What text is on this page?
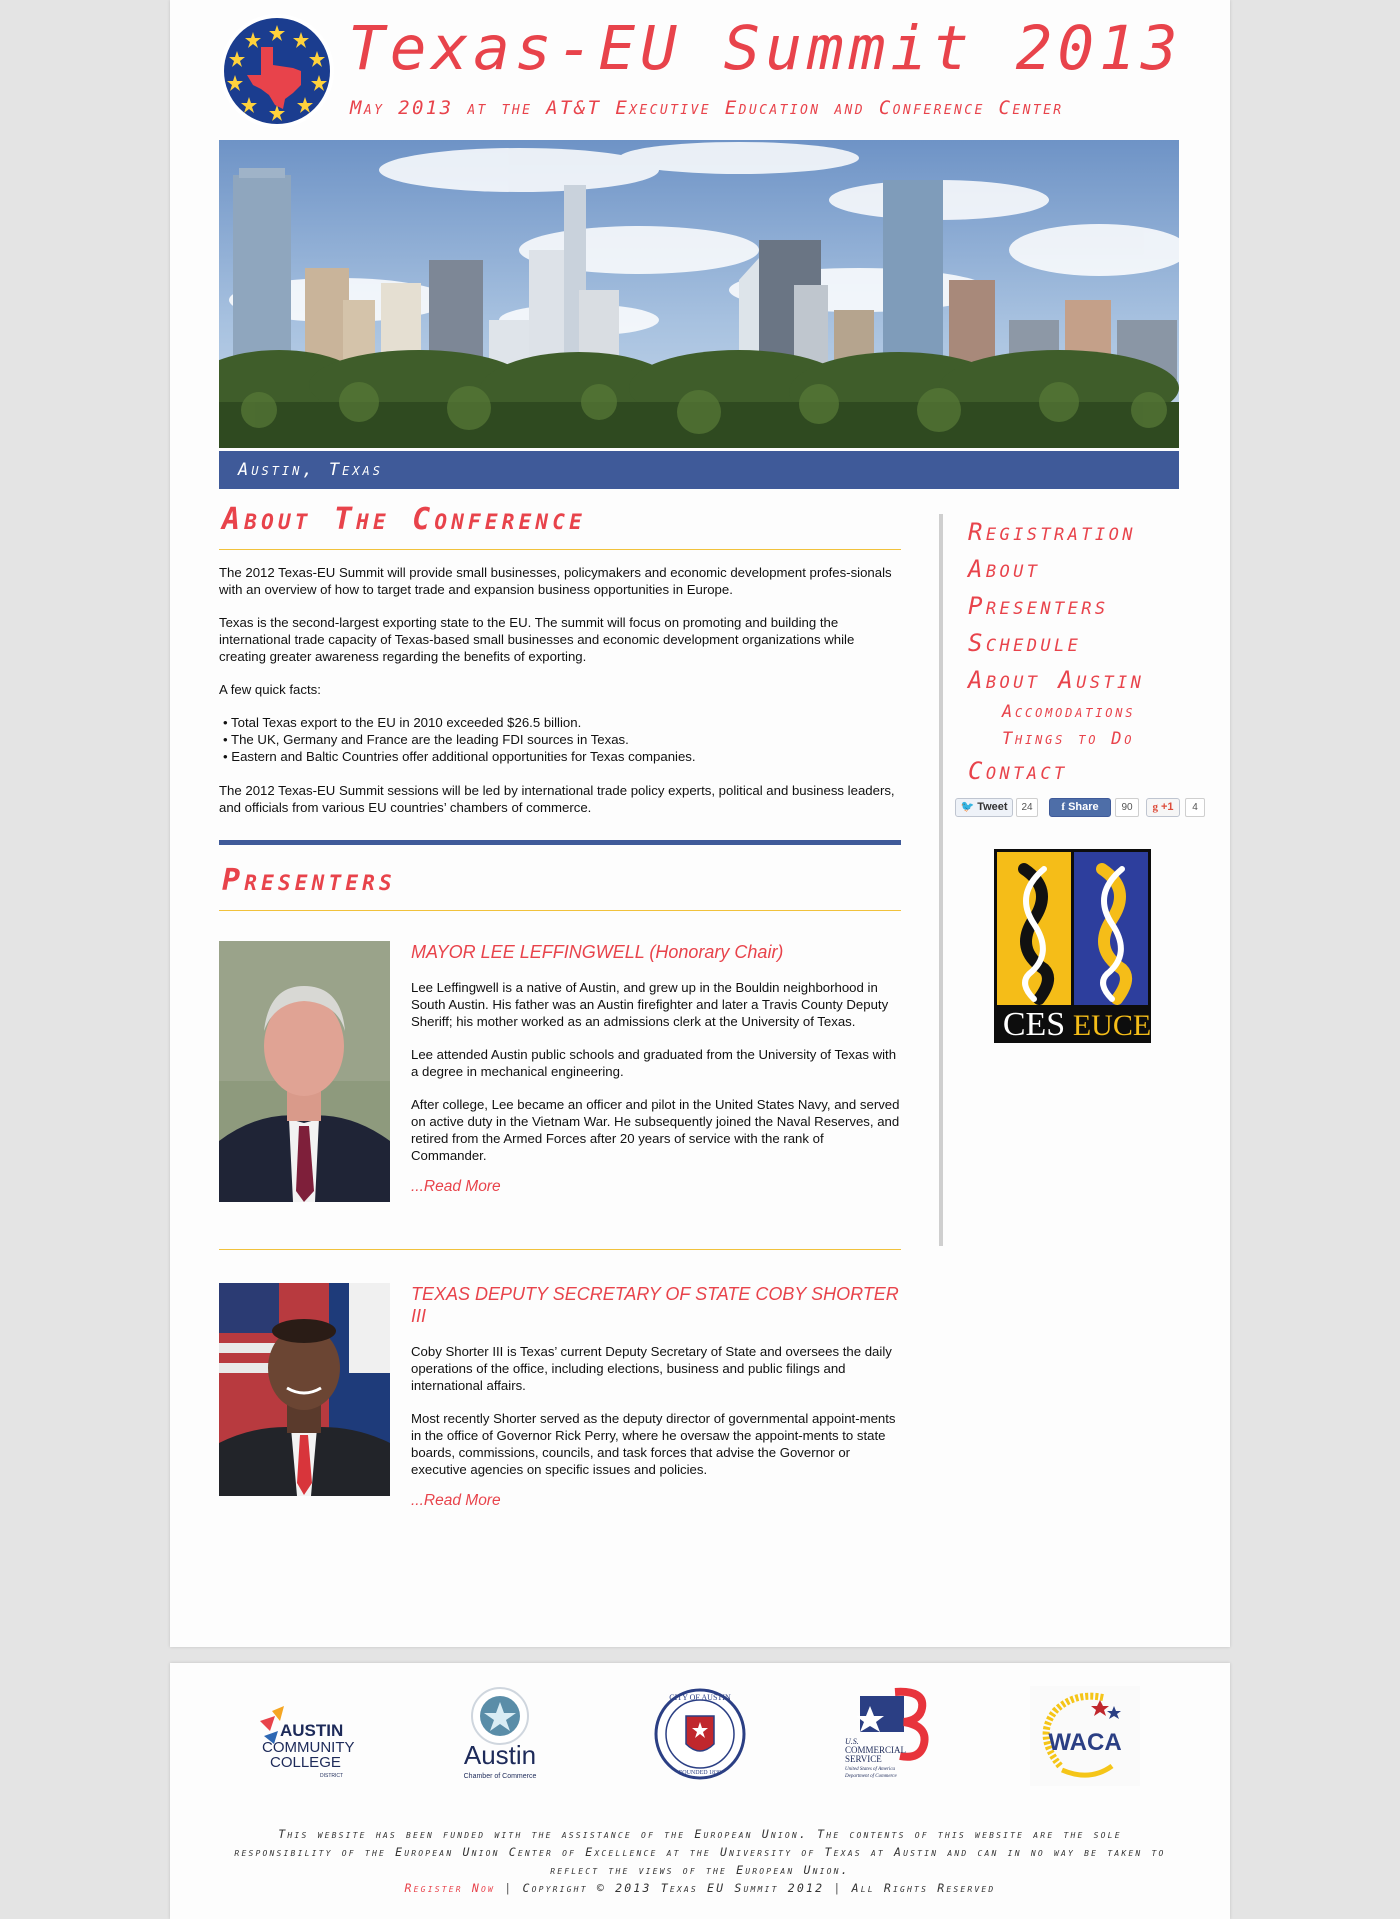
Texas-EU Summit 2013
May 2013 at the AT&T Executive Education and Conference Center
Austin, Texas
About The Conference

The 2012 Texas-EU Summit will provide small businesses, policymakers and economic development profes-sionals with an overview of how to target trade and expansion business opportunities in Europe.

Texas is the second-largest exporting state to the EU. The summit will focus on promoting and building the international trade capacity of Texas-based small businesses and economic development organizations while creating greater awareness regarding the benefits of exporting.

A few quick facts:

• Total Texas export to the EU in 2010 exceeded $26.5 billion.
• The UK, Germany and France are the leading FDI sources in Texas.
• Eastern and Baltic Countries offer additional opportunities for Texas companies.

The 2012 Texas-EU Summit sessions will be led by international trade policy experts, political and business leaders, and officials from various EU countries’ chambers of commerce.

Presenters
MAYOR LEE LEFFINGWELL (Honorary Chair)

Lee Leffingwell is a native of Austin, and grew up in the Bouldin neighborhood in South Austin. His father was an Austin firefighter and later a Travis County Deputy Sheriff; his mother worked as an admissions clerk at the University of Texas.

Lee attended Austin public schools and graduated from the University of Texas with a degree in mechanical engineering.

After college, Lee became an officer and pilot in the United States Navy, and served on active duty in the Vietnam War. He subsequently joined the Naval Reserves, and retired from the Armed Forces after 20 years of service with the rank of Commander.

...Read More
TEXAS DEPUTY SECRETARY OF STATE COBY SHORTER III

Coby Shorter III is Texas’ current Deputy Secretary of State and oversees the daily operations of the office, including elections, business and public filings and international affairs.

Most recently Shorter served as the deputy director of governmental appoint-ments in the office of Governor Rick Perry, where he oversaw the appoint-ments to state boards, commissions, councils, and task forces that advise the Governor or executive agencies on specific issues and policies.

...Read More
Registration
About
Presenters
Schedule
About Austin
Accomodations
Things to Do
Contact
🐦 Tweet	24	f Share	90	g +1	4
CES EUCE
AUSTIN
COMMUNITY
COLLEGE
DISTRICT
Austin
Chamber of Commerce
CITY OF AUSTIN
FOUNDED 1839
U.S.
COMMERCIAL
SERVICE
United States of America
Department of Commerce
WACA
This website has been funded with the assistance of the European Union. The contents of this website are the sole responsibility of the European Union Center of Excellence at the University of Texas at Austin and can in no way be taken to reflect the views of the European Union.
Register Now | Copyright © 2013 Texas EU Summit 2012 | All Rights Reserved
